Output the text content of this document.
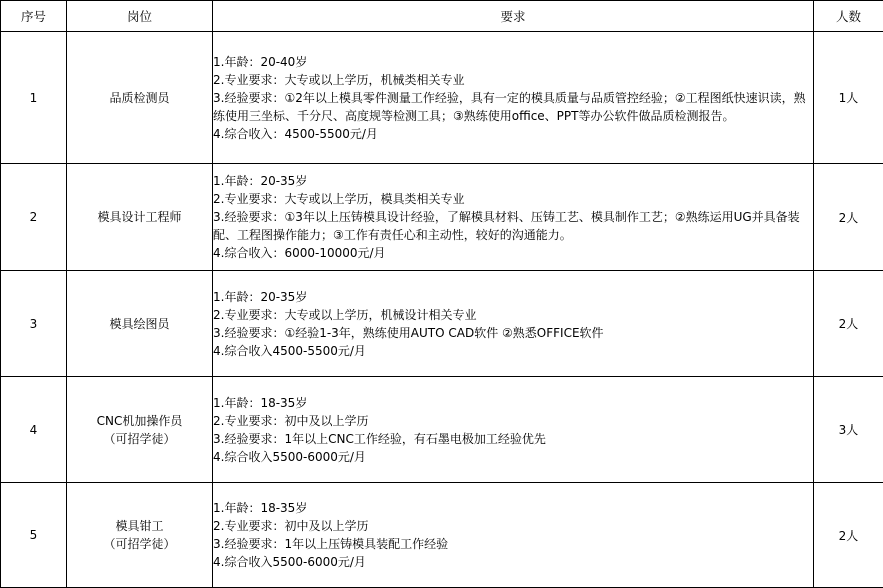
序号	岗位	要求	人数
1	品质检测员	1.年龄：20-40岁
2.专业要求：大专或以上学历，机械类相关专业
3.经验要求：①2年以上模具零件测量工作经验，具有一定的模具质量与品质管控经验；②工程图纸快速识读，熟练使用三坐标、千分尺、高度规等检测工具；③熟练使用office、PPT等办公软件做品质检测报告。
4.综合收入：4500-5500元/月	1人
2	模具设计工程师	1.年龄：20-35岁
2.专业要求：大专或以上学历，模具类相关专业
3.经验要求：①3年以上压铸模具设计经验，了解模具材料、压铸工艺、模具制作工艺；②熟练运用UG并具备装配、工程图操作能力；③工作有责任心和主动性，较好的沟通能力。
4.综合收入：6000-10000元/月	2人
3	模具绘图员	1.年龄：20-35岁
2.专业要求：大专或以上学历，机械设计相关专业
3.经验要求：①经验1-3年，熟练使用AUTO CAD软件 ②熟悉OFFICE软件
4.综合收入4500-5500元/月	2人
4	CNC机加操作员
（可招学徒）	1.年龄：18-35岁
2.专业要求：初中及以上学历
3.经验要求：1年以上CNC工作经验，有石墨电极加工经验优先
4.综合收入5500-6000元/月	3人
5	模具钳工
（可招学徒）	1.年龄：18-35岁
2.专业要求：初中及以上学历
3.经验要求：1年以上压铸模具装配工作经验
4.综合收入5500-6000元/月	2人
